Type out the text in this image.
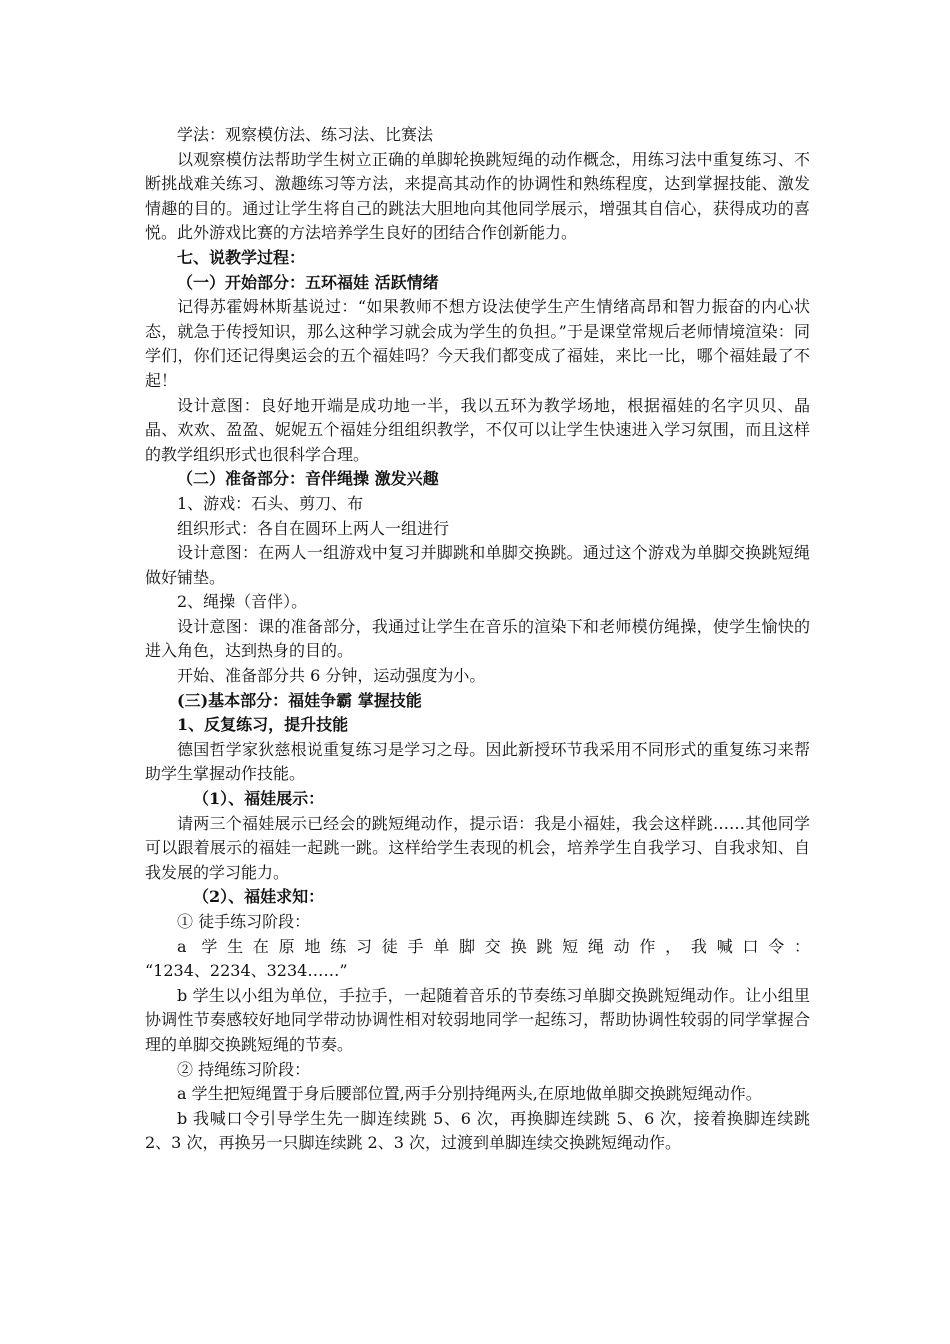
学法：观察模仿法、练习法、比赛法

以观察模仿法帮助学生树立正确的单脚轮换跳短绳的动作概念，用练习法中重复练习、不断挑战难关练习、激趣练习等方法，来提高其动作的协调性和熟练程度，达到掌握技能、激发情趣的目的。通过让学生将自己的跳法大胆地向其他同学展示，增强其自信心，获得成功的喜悦。此外游戏比赛的方法培养学生良好的团结合作创新能力。

七、说教学过程：

（一）开始部分：五环福娃 活跃情绪

记得苏霍姆林斯基说过：“如果教师不想方设法使学生产生情绪高昂和智力振奋的内心状态，就急于传授知识，那么这种学习就会成为学生的负担。”于是课堂常规后老师情境渲染：同学们，你们还记得奥运会的五个福娃吗？今天我们都变成了福娃，来比一比，哪个福娃最了不起！

设计意图：良好地开端是成功地一半，我以五环为教学场地，根据福娃的名字贝贝、晶晶、欢欢、盈盈、妮妮五个福娃分组组织教学，不仅可以让学生快速进入学习氛围，而且这样的教学组织形式也很科学合理。

（二）准备部分：音伴绳操 激发兴趣

1、游戏：石头、剪刀、布

组织形式：各自在圆环上两人一组进行

设计意图：在两人一组游戏中复习并脚跳和单脚交换跳。通过这个游戏为单脚交换跳短绳做好铺垫。

2、绳操（音伴）。

设计意图：课的准备部分，我通过让学生在音乐的渲染下和老师模仿绳操，使学生愉快的进入角色，达到热身的目的。

开始、准备部分共 6 分钟，运动强度为小。

(三)基本部分：福娃争霸 掌握技能

1、反复练习，提升技能

德国哲学家狄慈根说重复练习是学习之母。因此新授环节我采用不同形式的重复练习来帮助学生掌握动作技能。

（1）、福娃展示：

请两三个福娃展示已经会的跳短绳动作，提示语：我是小福娃，我会这样跳……其他同学可以跟着展示的福娃一起跳一跳。这样给学生表现的机会，培养学生自我学习、自我求知、自我发展的学习能力。

（2）、福娃求知：

① 徒手练习阶段：

a 学生在原地练习徒手单脚交换跳短绳动作，我喊口令：

“1234、2234、3234……”

b 学生以小组为单位，手拉手，一起随着音乐的节奏练习单脚交换跳短绳动作。让小组里协调性节奏感较好地同学带动协调性相对较弱地同学一起练习，帮助协调性较弱的同学掌握合理的单脚交换跳短绳的节奏。

② 持绳练习阶段：

a 学生把短绳置于身后腰部位置,两手分别持绳两头,在原地做单脚交换跳短绳动作。

b 我喊口令引导学生先一脚连续跳 5、6 次，再换脚连续跳 5、6 次，接着换脚连续跳 2、3 次，再换另一只脚连续跳 2、3 次，过渡到单脚连续交换跳短绳动作。
